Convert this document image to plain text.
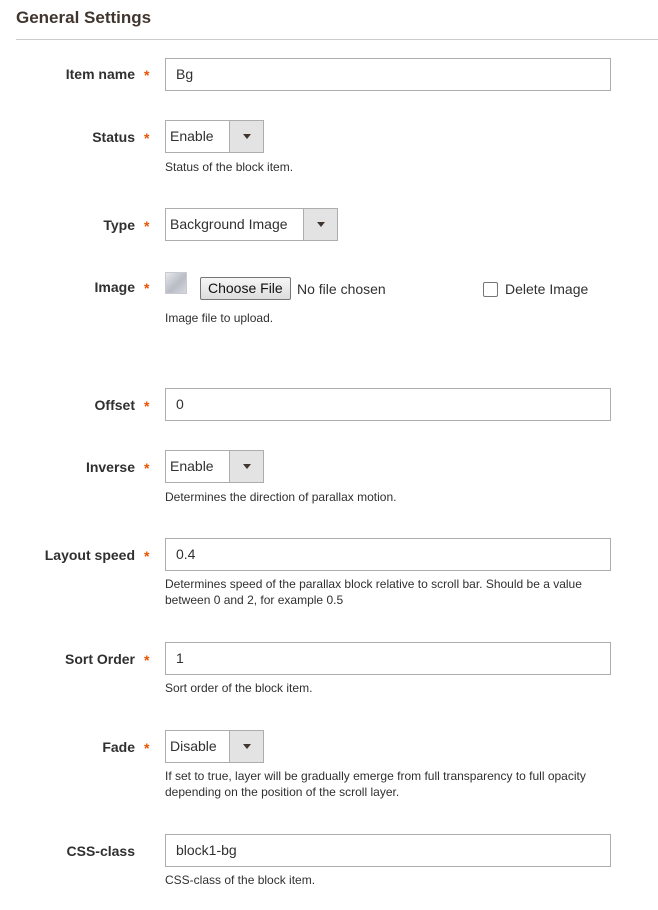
General Settings
Item name *	Bg
Status * Enable
Status of the block item.
Type * Background Image
Image *	Choose File	No file chosen	Delete Image
Image file to upload.
Offset *	0
Inverse * Enable
Determines the direction of parallax motion.
Layout speed *	0.4
Determines speed of the parallax block relative to scroll bar. Should be a value between 0 and 2, for example 0.5
Sort Order *	1
Sort order of the block item.
Fade * Disable
If set to true, layer will be gradually emerge from full transparency to full opacity depending on the position of the scroll layer.
CSS-class	block1-bg
CSS-class of the block item.
